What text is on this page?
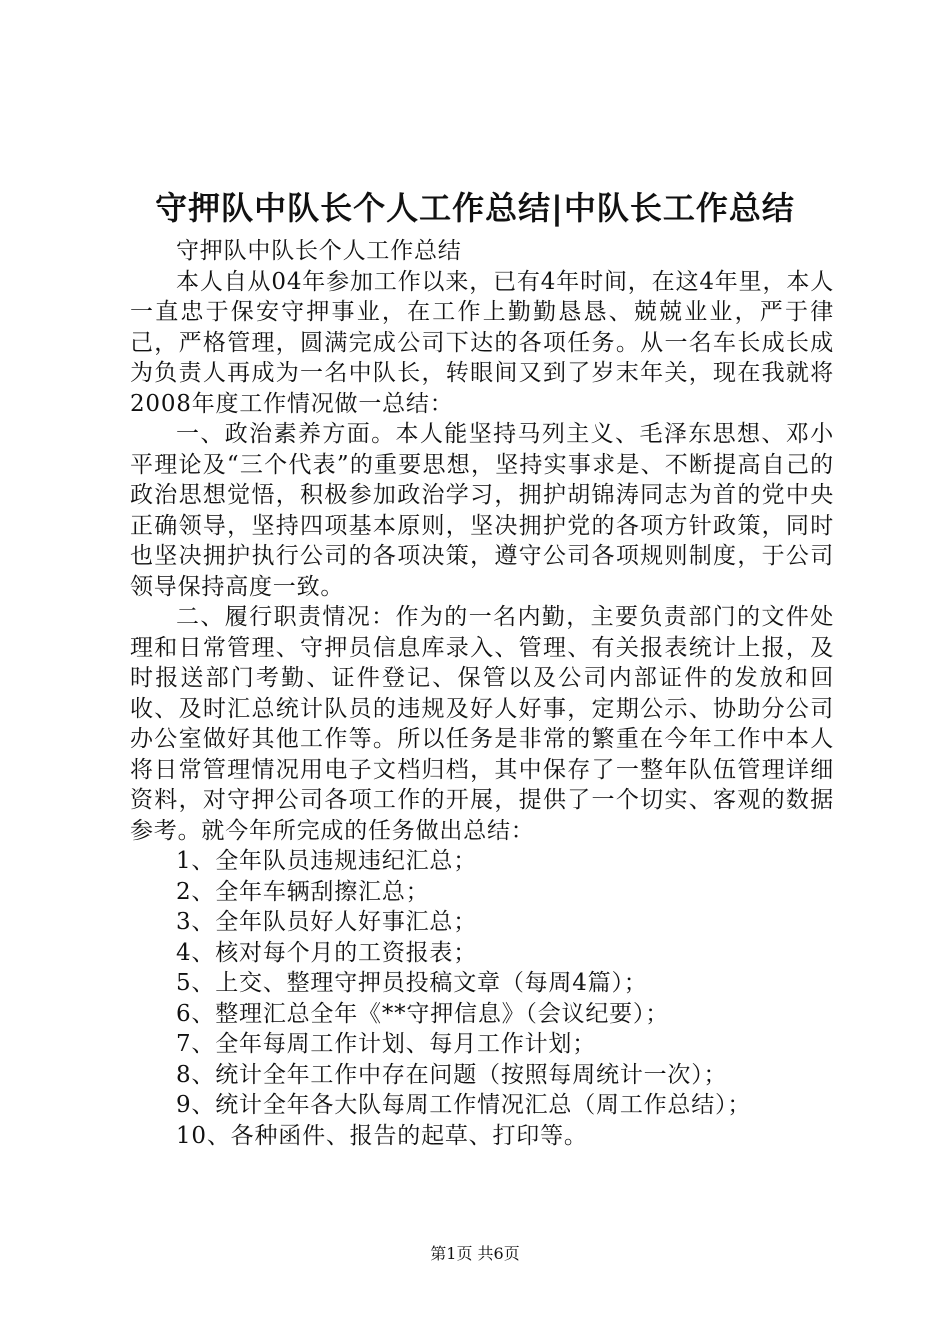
守押队中队长个人工作总结|中队长工作总结

守押队中队长个人工作总结

本人自从04年参加工作以来，已有4年时间，在这4年里，本人一直忠于保安守押事业，在工作上勤勤恳恳、兢兢业业，严于律己，严格管理，圆满完成公司下达的各项任务。从一名车长成长成为负责人再成为一名中队长，转眼间又到了岁末年关，现在我就将2008年度工作情况做一总结：

一、政治素养方面。本人能坚持马列主义、毛泽东思想、邓小平理论及“三个代表”的重要思想，坚持实事求是、不断提高自己的政治思想觉悟，积极参加政治学习，拥护胡锦涛同志为首的党中央正确领导，坚持四项基本原则，坚决拥护党的各项方针政策，同时也坚决拥护执行公司的各项决策，遵守公司各项规则制度，于公司领导保持高度一致。

二、履行职责情况：作为的一名内勤，主要负责部门的文件处理和日常管理、守押员信息库录入、管理、有关报表统计上报，及时报送部门考勤、证件登记、保管以及公司内部证件的发放和回收、及时汇总统计队员的违规及好人好事，定期公示、协助分公司办公室做好其他工作等。所以任务是非常的繁重在今年工作中本人将日常管理情况用电子文档归档，其中保存了一整年队伍管理详细资料，对守押公司各项工作的开展，提供了一个切实、客观的数据参考。就今年所完成的任务做出总结：

1、全年队员违规违纪汇总；
2、全年车辆刮擦汇总；
3、全年队员好人好事汇总；
4、核对每个月的工资报表；
5、上交、整理守押员投稿文章（每周4篇）；
6、整理汇总全年《**守押信息》（会议纪要）；
7、全年每周工作计划、每月工作计划；
8、统计全年工作中存在问题（按照每周统计一次）；
9、统计全年各大队每周工作情况汇总（周工作总结）；
10、各种函件、报告的起草、打印等。
第1页 共6页
